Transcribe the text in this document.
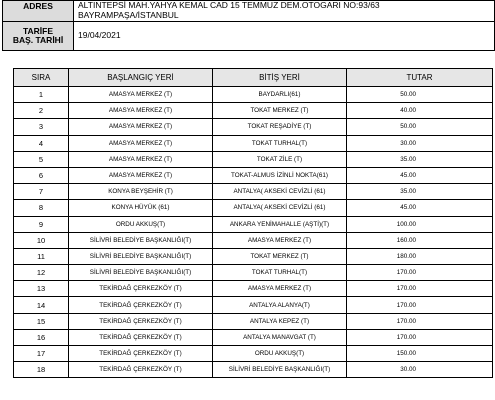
ADRES	ALTINTEPSİ MAH.YAHYA KEMAL CAD 15 TEMMUZ DEM.OTOGARI NO:93/63
BAYRAMPAŞA/İSTANBUL

TARİFE
BAŞ. TARİHİ	19/04/2021
SIRA	BAŞLANGIÇ YERİ	BİTİŞ YERİ	TUTAR
1	AMASYA MERKEZ (T)	BAYDARLI(61)	50.00
2	AMASYA MERKEZ (T)	TOKAT MERKEZ (T)	40.00
3	AMASYA MERKEZ (T)	TOKAT REŞADİYE (T)	50.00
4	AMASYA MERKEZ (T)	TOKAT TURHAL(T)	30.00
5	AMASYA MERKEZ (T)	TOKAT ZİLE (T)	35.00
6	AMASYA MERKEZ (T)	TOKAT-ALMUS İZİNLİ NOKTA(61)	45.00
7	KONYA BEYŞEHİR (T)	ANTALYA( AKSEKİ CEVİZLİ (61)	35.00
8	KONYA HÜYÜK (61)	ANTALYA( AKSEKİ CEVİZLİ (61)	45.00
9	ORDU AKKUŞ(T)	ANKARA YENİMAHALLE (AŞTİ)(T)	100.00
10	SİLİVRİ BELEDİYE BAŞKANLIĞI(T)	AMASYA MERKEZ (T)	160.00
11	SİLİVRİ BELEDİYE BAŞKANLIĞI(T)	TOKAT MERKEZ (T)	180.00
12	SİLİVRİ BELEDİYE BAŞKANLIĞI(T)	TOKAT TURHAL(T)	170.00
13	TEKİRDAĞ ÇERKEZKÖY (T)	AMASYA MERKEZ (T)	170.00
14	TEKİRDAĞ ÇERKEZKÖY (T)	ANTALYA ALANYA(T)	170.00
15	TEKİRDAĞ ÇERKEZKÖY (T)	ANTALYA KEPEZ (T)	170.00
16	TEKİRDAĞ ÇERKEZKÖY (T)	ANTALYA MANAVGAT (T)	170.00
17	TEKİRDAĞ ÇERKEZKÖY (T)	ORDU AKKUŞ(T)	150.00
18	TEKİRDAĞ ÇERKEZKÖY (T)	SİLİVRİ BELEDİYE BAŞKANLIĞI(T)	30.00
